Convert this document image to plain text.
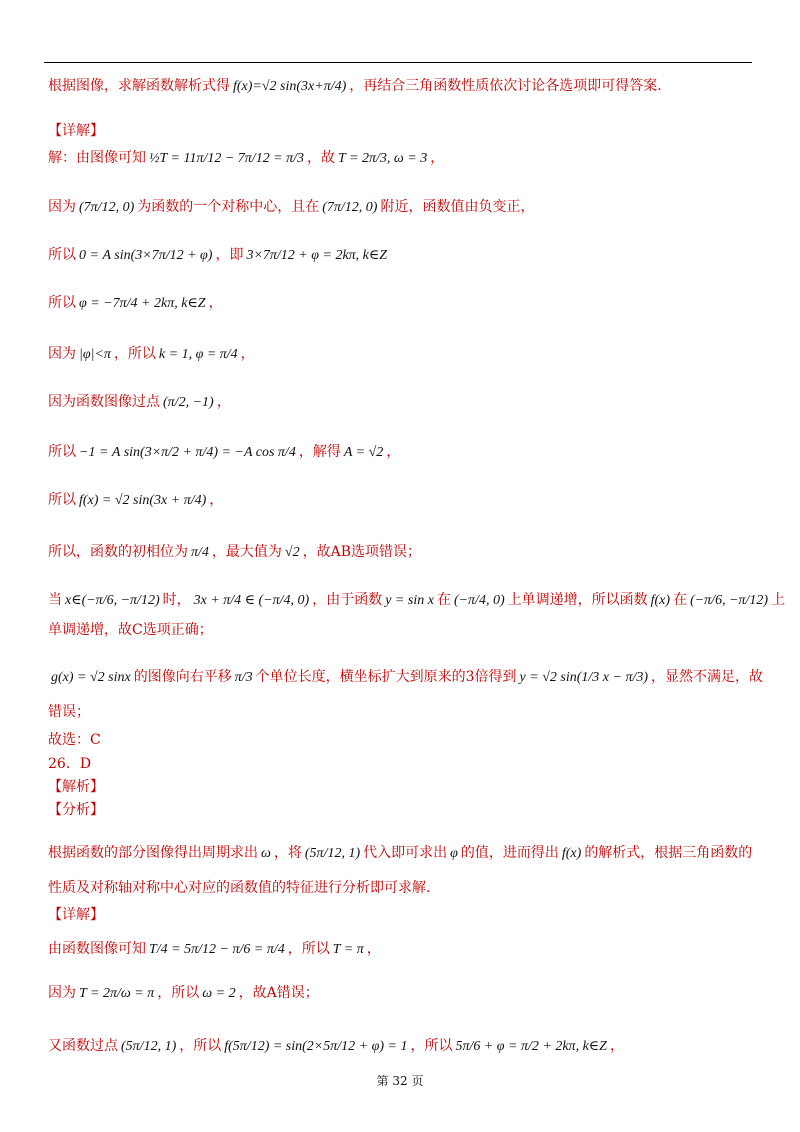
根据图像，求解函数解析式得 f(x)=√2 sin(3x+π/4) ，再结合三角函数性质依次讨论各选项即可得答案.
【详解】
解：由图像可知 ½T = 11π/12 − 7π/12 = π/3 ，故 T = 2π/3, ω = 3 ，
因为 (7π/12, 0) 为函数的一个对称中心，且在 (7π/12, 0) 附近，函数值由负变正，
所以 0 = A sin(3×7π/12 + φ) ，即 3×7π/12 + φ = 2kπ, k∈Z
所以 φ = −7π/4 + 2kπ, k∈Z ，
因为 |φ|<π ，所以 k = 1, φ = π/4 ，
因为函数图像过点 (π/2, −1) ，
所以 −1 = A sin(3×π/2 + π/4) = −A cos π/4 ，解得 A = √2 ，
所以 f(x) = √2 sin(3x + π/4) ，
所以，函数的初相位为 π/4 ，最大值为 √2 ，故AB选项错误；
当 x∈(−π/6, −π/12) 时， 3x + π/4 ∈ (−π/4, 0) ，由于函数 y = sin x 在 (−π/4, 0) 上单调递增，所以函数 f(x) 在 (−π/6, −π/12) 上
单调递增，故C选项正确；
g(x) = √2 sinx 的图像向右平移 π/3 个单位长度，横坐标扩大到原来的3倍得到 y = √2 sin(1/3 x − π/3) ，显然不满足，故
错误；
故选：C
26．D
【解析】
【分析】
根据函数的部分图像得出周期求出 ω ，将 (5π/12, 1) 代入即可求出 φ 的值，进而得出 f(x) 的解析式，根据三角函数的
性质及对称轴对称中心对应的函数值的特征进行分析即可求解.
【详解】
由函数图像可知 T/4 = 5π/12 − π/6 = π/4 ，所以 T = π ，
因为 T = 2π/ω = π ，所以 ω = 2 ，故A错误；
又函数过点 (5π/12, 1) ，所以 f(5π/12) = sin(2×5π/12 + φ) = 1 ，所以 5π/6 + φ = π/2 + 2kπ, k∈Z ，
第 32 页
